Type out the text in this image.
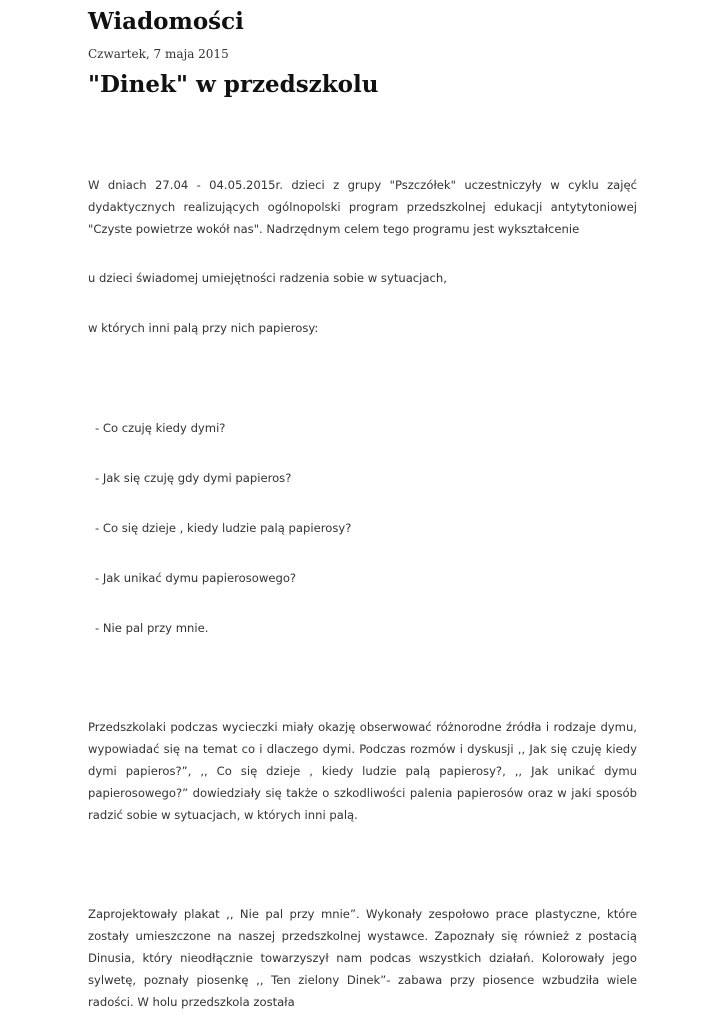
Wiadomości
Czwartek, 7 maja 2015
"Dinek" w przedszkolu

W dniach 27.04 - 04.05.2015r. dzieci z grupy "Pszczółek" uczestniczyły w cyklu zajęć dydaktycznych realizujących ogólnopolski program przedszkolnej edukacji antytytoniowej "Czyste powietrze wokół nas". Nadrzędnym celem tego programu jest wykształcenie

u dzieci świadomej umiejętności radzenia sobie w sytuacjach,

w których inni palą przy nich papierosy:

- Co czuję kiedy dymi?

- Jak się czuję gdy dymi papieros?

- Co się dzieje , kiedy ludzie palą papierosy?

- Jak unikać dymu papierosowego?

- Nie pal przy mnie.

Przedszkolaki podczas wycieczki miały okazję obserwować różnorodne źródła i rodzaje dymu, wypowiadać się na temat co i dlaczego dymi. Podczas rozmów i dyskusji ,, Jak się czuję kiedy dymi papieros?”, ,, Co się dzieje , kiedy ludzie palą papierosy?, ,, Jak unikać dymu papierosowego?” dowiedziały się także o szkodliwości palenia papierosów oraz w jaki sposób radzić sobie w sytuacjach, w których inni palą.

Zaprojektowały plakat ,, Nie pal przy mnie”. Wykonały zespołowo prace plastyczne, które zostały umieszczone na naszej przedszkolnej wystawce. Zapoznały się również z postacią Dinusia, który nieodłącznie towarzyszył nam podcas wszystkich działań. Kolorowały jego sylwetę, poznały piosenkę ,, Ten zielony Dinek”- zabawa przy piosence wzbudziła wiele radości. W holu przedszkola została
